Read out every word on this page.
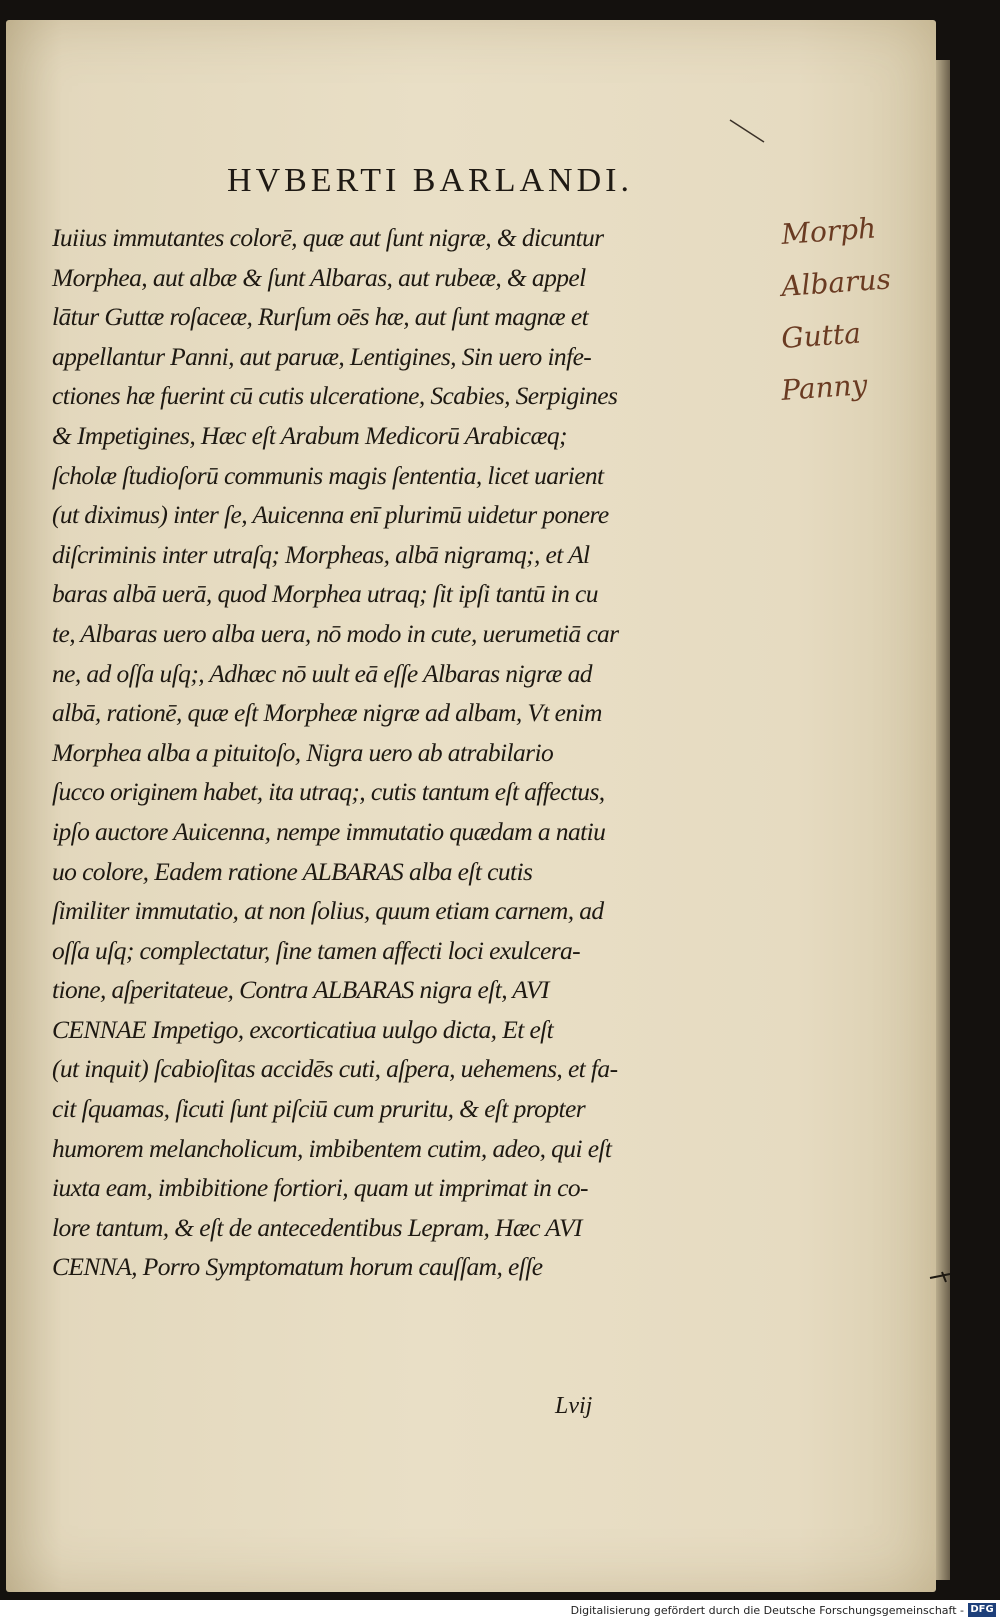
HVBERTI BARLANDI.
Iuiius immutantes colorē, quæ aut ſunt nigræ, & dicuntur
Morphea, aut albæ & ſunt Albaras, aut rubeæ, & appel
lātur Guttæ roſaceæ, Rurſum oēs hæ, aut ſunt magnæ et
appellantur Panni, aut paruæ, Lentigines, Sin uero infe-
ctiones hæ fuerint cū cutis ulceratione, Scabies, Serpigines
& Impetigines, Hæc eſt Arabum Medicorū Arabicæq;
ſcholæ ſtudioſorū communis magis ſententia, licet uarient
(ut diximus) inter ſe, Auicenna enī plurimū uidetur ponere
diſcriminis inter utraſq; Morpheas, albā nigramq;, et Al
baras albā uerā, quod Morphea utraq; ſit ipſi tantū in cu
te, Albaras uero alba uera, nō modo in cute, uerumetiā car
ne, ad oſſa uſq;, Adhæc nō uult eā eſſe Albaras nigræ ad
albā, rationē, quæ eſt Morpheæ nigræ ad albam, Vt enim
Morphea alba a pituitoſo, Nigra uero ab atrabilario
ſucco originem habet, ita utraq;, cutis tantum eſt affectus,
ipſo auctore Auicenna, nempe immutatio quædam a natiu
uo colore, Eadem ratione ALBARAS alba eſt cutis
ſimiliter immutatio, at non ſolius, quum etiam carnem, ad
oſſa uſq; complectatur, ſine tamen affecti loci exulcera-
tione, aſperitateue, Contra ALBARAS nigra eſt, AVI
CENNAE Impetigo, excorticatiua uulgo dicta, Et eſt
(ut inquit) ſcabioſitas accidēs cuti, aſpera, uehemens, et fa-
cit ſquamas, ſicuti ſunt piſciū cum pruritu, & eſt propter
humorem melancholicum, imbibentem cutim, adeo, qui eſt
iuxta eam, imbibitione fortiori, quam ut imprimat in co-
lore tantum, & eſt de antecedentibus Lepram, Hæc AVI
CENNA, Porro Symptomatum horum cauſſam, eſſe
Lvij
Morph
Albarus
Gutta
Panny
Digitalisierung gefördert durch die Deutsche Forschungsgemeinschaft - DFG
